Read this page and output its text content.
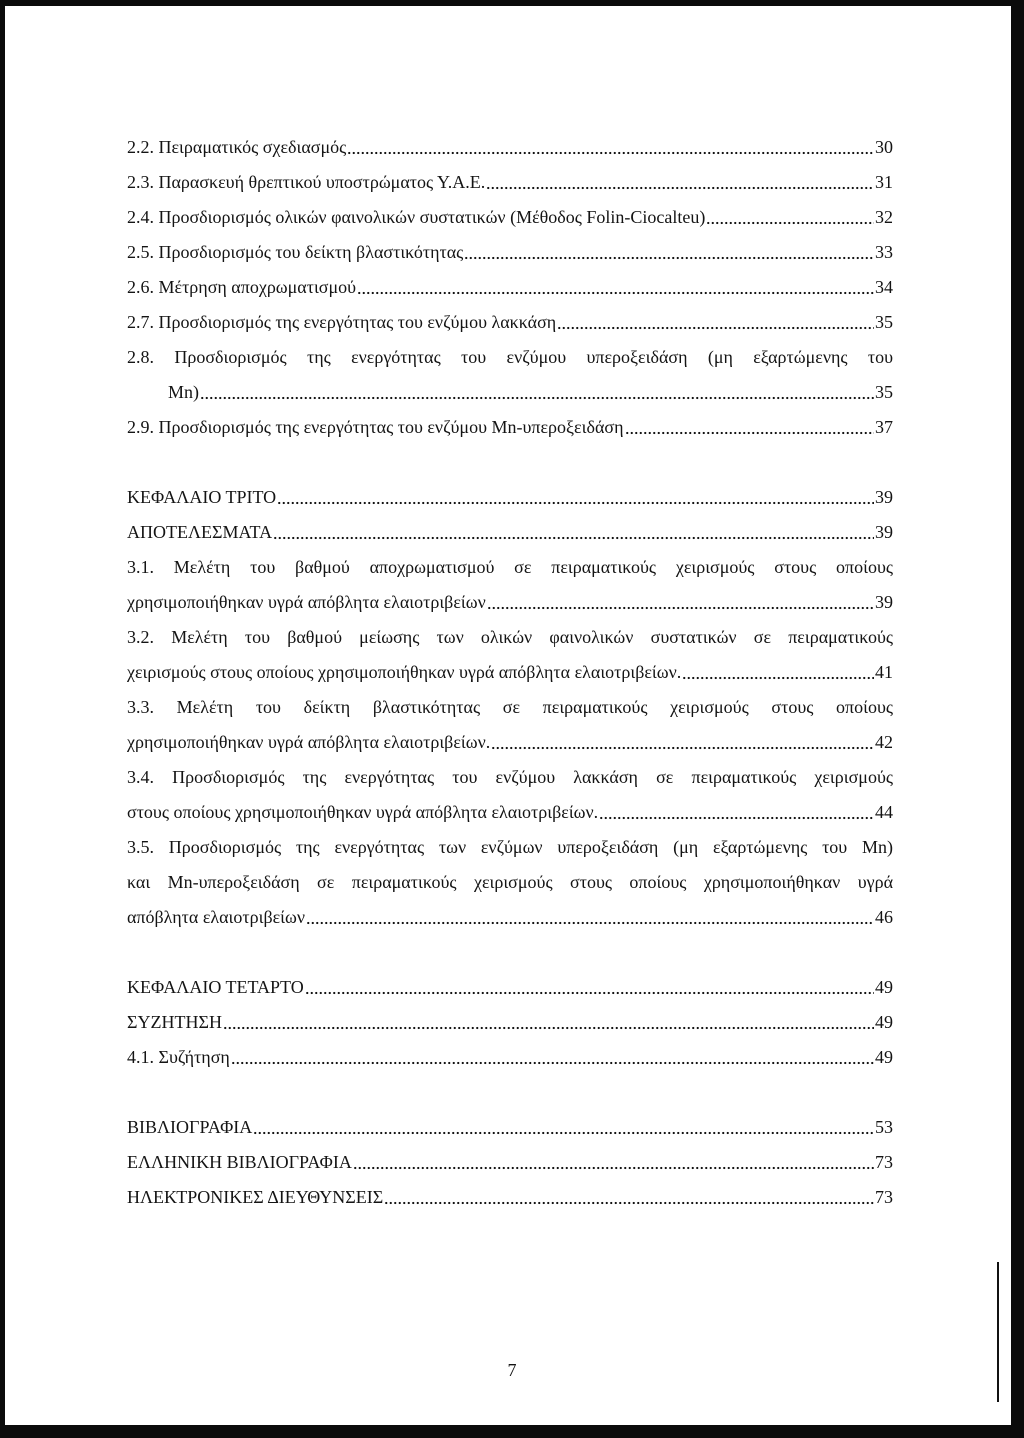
2.2. Πειραματικός σχεδιασμός	30
2.3. Παρασκευή θρεπτικού υποστρώματος Υ.Α.Ε.	31
2.4. Προσδιορισμός ολικών φαινολικών συστατικών (Μέθοδος Folin-Ciocalteu)	32
2.5. Προσδιορισμός του δείκτη βλαστικότητας	33
2.6. Μέτρηση αποχρωματισμού	34
2.7. Προσδιορισμός της ενεργότητας του ενζύμου λακκάση	35
2.8. Προσδιορισμός της ενεργότητας του ενζύμου υπεροξειδάση (μη εξαρτώμενης του
Mn)	35
2.9. Προσδιορισμός της ενεργότητας του ενζύμου Mn-υπεροξειδάση	37
ΚΕΦΑΛΑΙΟ ΤΡΙΤΟ	39
ΑΠΟΤΕΛΕΣΜΑΤΑ	39
3.1. Μελέτη του βαθμού αποχρωματισμού σε πειραματικούς χειρισμούς στους οποίους
χρησιμοποιήθηκαν υγρά απόβλητα ελαιοτριβείων	39
3.2. Μελέτη του βαθμού μείωσης των ολικών φαινολικών συστατικών σε πειραματικούς
χειρισμούς στους οποίους χρησιμοποιήθηκαν υγρά απόβλητα ελαιοτριβείων.	41
3.3. Μελέτη του δείκτη βλαστικότητας σε πειραματικούς χειρισμούς στους οποίους
χρησιμοποιήθηκαν υγρά απόβλητα ελαιοτριβείων.	42
3.4. Προσδιορισμός της ενεργότητας του ενζύμου λακκάση σε πειραματικούς χειρισμούς
στους οποίους χρησιμοποιήθηκαν υγρά απόβλητα ελαιοτριβείων.	44
3.5. Προσδιορισμός της ενεργότητας των ενζύμων υπεροξειδάση (μη εξαρτώμενης του Mn)
και Mn-υπεροξειδάση σε πειραματικούς χειρισμούς στους οποίους χρησιμοποιήθηκαν υγρά
απόβλητα ελαιοτριβείων	46
ΚΕΦΑΛΑΙΟ ΤΕΤΑΡΤΟ	49
ΣΥΖΗΤΗΣΗ	49
4.1. Συζήτηση	49
ΒΙΒΛΙΟΓΡΑΦΙΑ	53
ΕΛΛΗΝΙΚΗ ΒΙΒΛΙΟΓΡΑΦΙΑ	73
ΗΛΕΚΤΡΟΝΙΚΕΣ ΔΙΕΥΘΥΝΣΕΙΣ	73
7
